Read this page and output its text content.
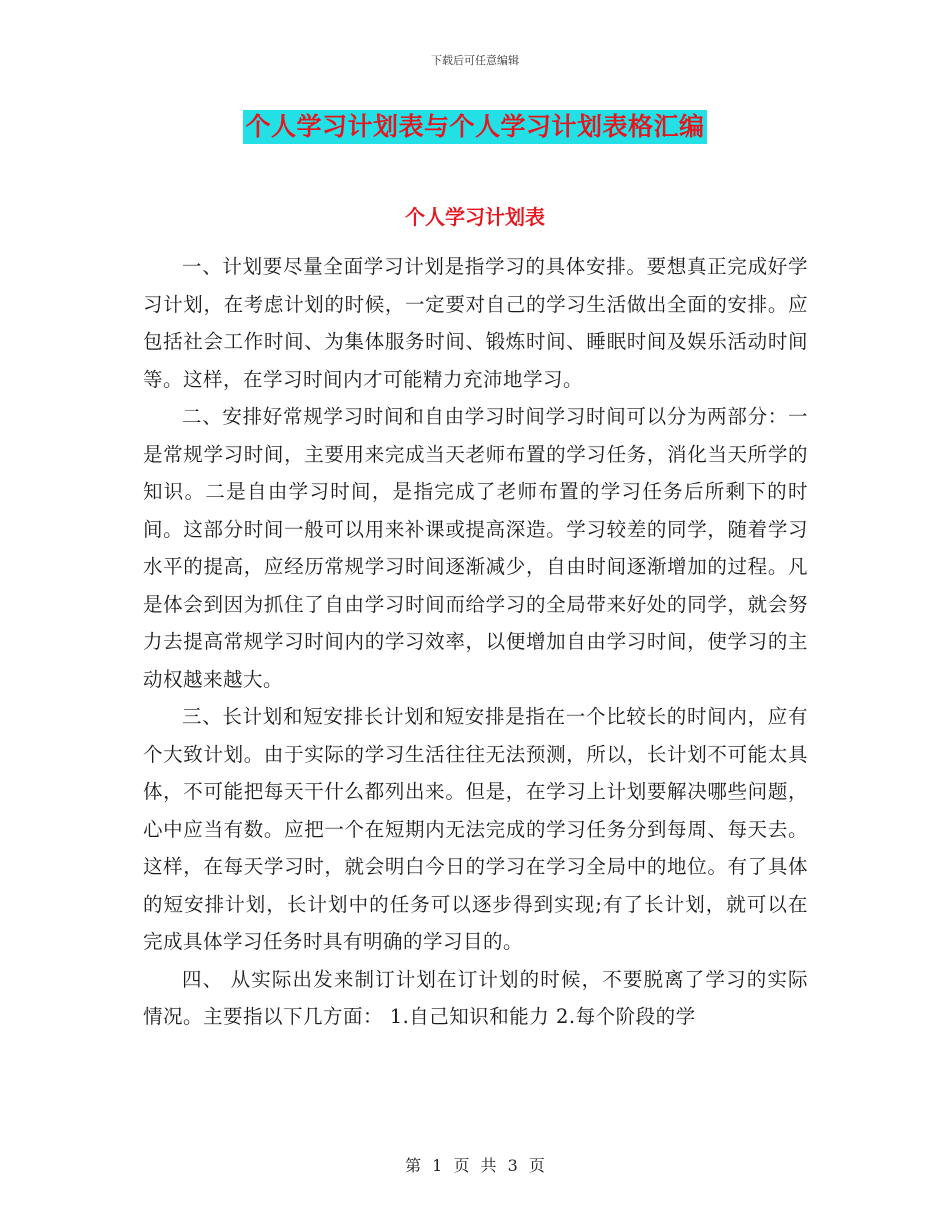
下载后可任意编辑
个人学习计划表与个人学习计划表格汇编
个人学习计划表

一、计划要尽量全面学习计划是指学习的具体安排。要想真正完成好学习计划，在考虑计划的时候，一定要对自己的学习生活做出全面的安排。应包括社会工作时间、为集体服务时间、锻炼时间、睡眠时间及娱乐活动时间等。这样，在学习时间内才可能精力充沛地学习。

二、安排好常规学习时间和自由学习时间学习时间可以分为两部分：一是常规学习时间，主要用来完成当天老师布置的学习任务，消化当天所学的知识。二是自由学习时间，是指完成了老师布置的学习任务后所剩下的时间。这部分时间一般可以用来补课或提高深造。学习较差的同学，随着学习水平的提高，应经历常规学习时间逐渐减少，自由时间逐渐增加的过程。凡是体会到因为抓住了自由学习时间而给学习的全局带来好处的同学，就会努力去提高常规学习时间内的学习效率，以便增加自由学习时间，使学习的主动权越来越大。

三、长计划和短安排长计划和短安排是指在一个比较长的时间内，应有个大致计划。由于实际的学习生活往往无法预测，所以，长计划不可能太具体，不可能把每天干什么都列出来。但是，在学习上计划要解决哪些问题，心中应当有数。应把一个在短期内无法完成的学习任务分到每周、每天去。这样，在每天学习时，就会明白今日的学习在学习全局中的地位。有了具体的短安排计划，长计划中的任务可以逐步得到实现;有了长计划，就可以在完成具体学习任务时具有明确的学习目的。

四、 从实际出发来制订计划在订计划的时候，不要脱离了学习的实际情况。主要指以下几方面： 1.自己知识和能力 2.每个阶段的学

第 1 页 共 3 页
